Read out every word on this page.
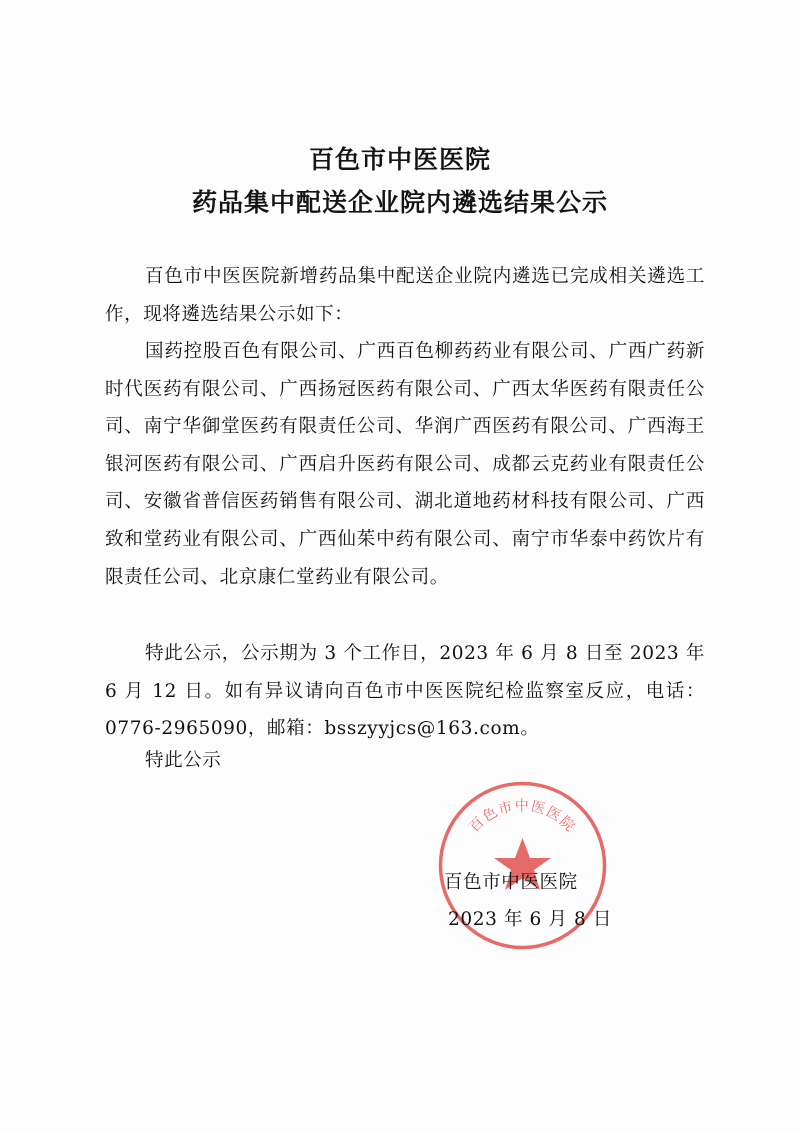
百色市中医医院
药品集中配送企业院内遴选结果公示

百色市中医医院新增药品集中配送企业院内遴选已完成相关遴选工作，现将遴选结果公示如下：

国药控股百色有限公司、广西百色柳药药业有限公司、广西广药新时代医药有限公司、广西扬冠医药有限公司、广西太华医药有限责任公司、南宁华御堂医药有限责任公司、华润广西医药有限公司、广西海王银河医药有限公司、广西启升医药有限公司、成都云克药业有限责任公司、安徽省普信医药销售有限公司、湖北道地药材科技有限公司、广西致和堂药业有限公司、广西仙茱中药有限公司、南宁市华泰中药饮片有限责任公司、北京康仁堂药业有限公司。

特此公示，公示期为 3 个工作日，2023 年 6 月 8 日至 2023 年 6 月 12 日。如有异议请向百色市中医医院纪检监察室反应，电话：0776-2965090，邮箱：bsszyyjcs@163.com。

特此公示

百色市中医医院
百色市中医医院
2023 年 6 月 8 日
